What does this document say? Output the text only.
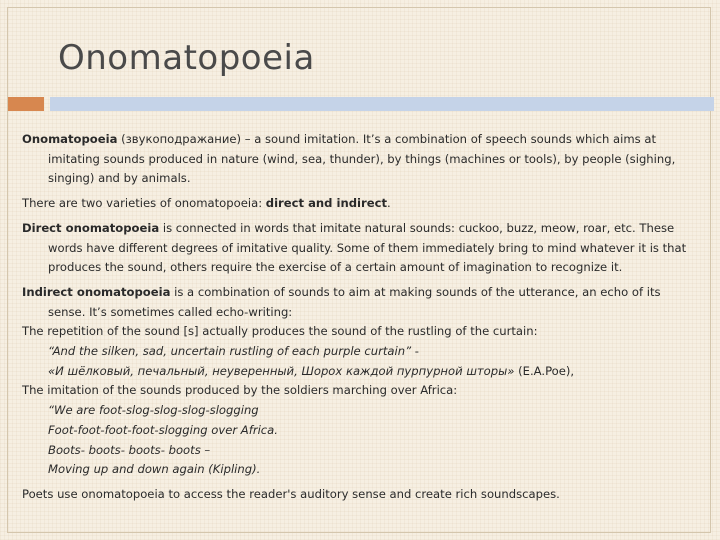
Onomatopoeia

Onomatopoeia (звукоподражание) – a sound imitation. It’s a combination of speech sounds which aims at imitating sounds produced in nature (wind, sea, thunder), by things (machines or tools), by people (sighing, singing) and by animals.

There are two varieties of onomatopoeia: direct and indirect.

Direct onomatopoeia is connected in words that imitate natural sounds: cuckoo, buzz, meow, roar, etc. These words have different degrees of imitative quality. Some of them immediately bring to mind whatever it is that produces the sound, others require the exercise of a certain amount of imagination to recognize it.

Indirect onomatopoeia is a combination of sounds to aim at making sounds of the utterance, an echo of its sense. It’s sometimes called echo-writing:

The repetition of the sound [s] actually produces the sound of the rustling of the curtain:

“And the silken, sad, uncertain rustling of each purple curtain” -

«И шёлковый, печальный, неуверенный, Шорох каждой пурпурной шторы» (E.A.Poe),

The imitation of the sounds produced by the soldiers marching over Africa:

“We are foot-slog-slog-slog-slogging

Foot-foot-foot-foot-slogging over Africa.

Boots- boots- boots- boots –

Moving up and down again (Kipling).

Poets use onomatopoeia to access the reader's auditory sense and create rich soundscapes.
